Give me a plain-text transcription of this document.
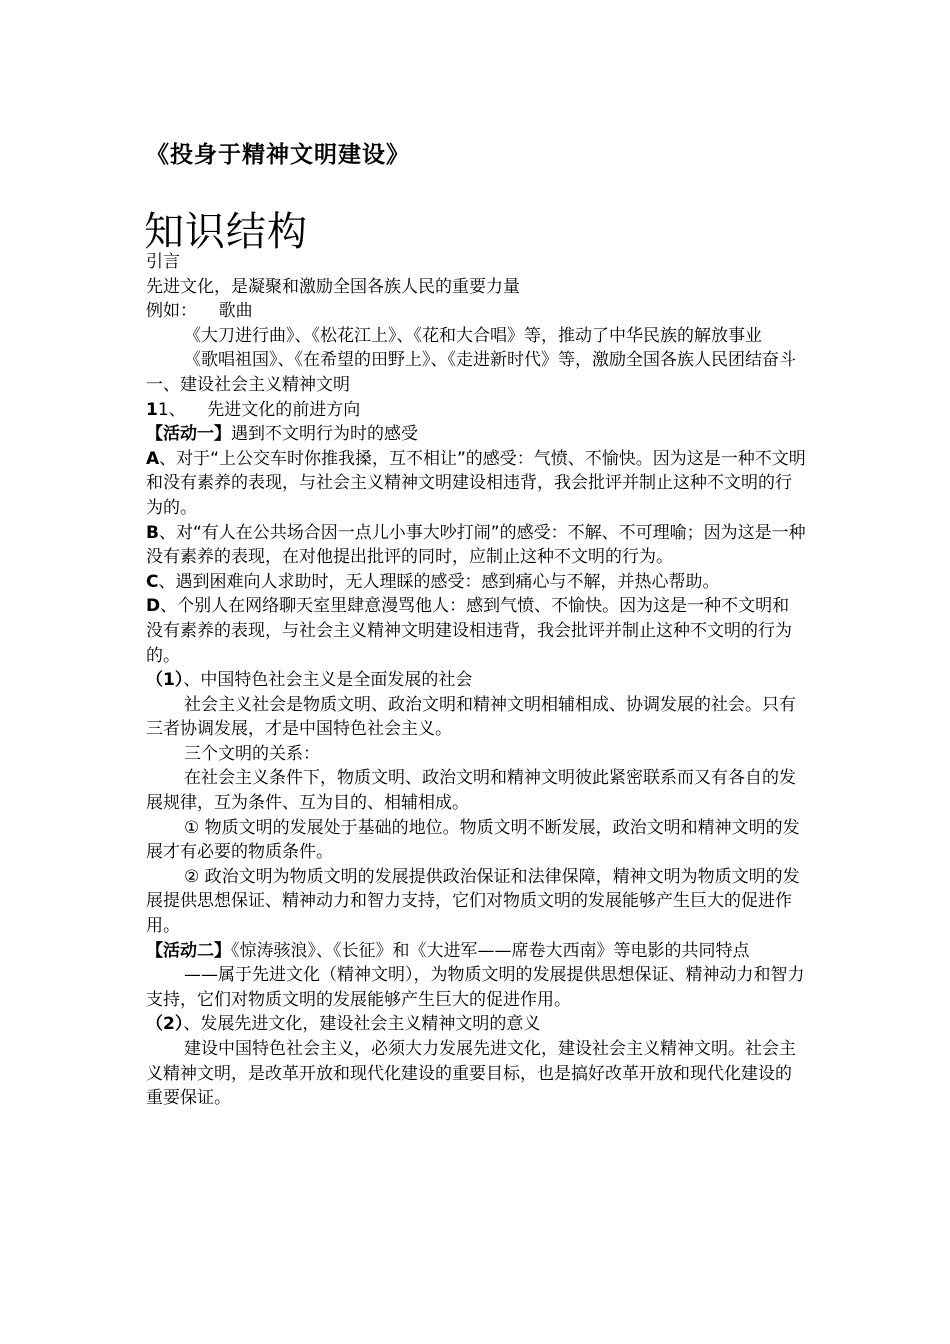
《投身于精神文明建设》
知识结构

引言

先进文化，是凝聚和激励全国各族人民的重要力量

例如：    歌曲

《大刀进行曲》、《松花江上》、《花和大合唱》等，推动了中华民族的解放事业

《歌唱祖国》、《在希望的田野上》、《走进新时代》等，激励全国各族人民团结奋斗

一、建设社会主义精神文明

11、    先进文化的前进方向

【活动一】遇到不文明行为时的感受

A、对于“上公交车时你推我搡，互不相让”的感受：气愤、不愉快。因为这是一种不文明和没有素养的表现，与社会主义精神文明建设相违背，我会批评并制止这种不文明的行为的。

B、对“有人在公共场合因一点儿小事大吵打闹”的感受：不解、不可理喻；因为这是一种  没有素养的表现，在对他提出批评的同时，应制止这种不文明的行为。

C、遇到困难向人求助时，无人理睬的感受：感到痛心与不解，并热心帮助。

D、个别人在网络聊天室里肆意漫骂他人：感到气愤、不愉快。因为这是一种不文明和没有素养的表现，与社会主义精神文明建设相违背，我会批评并制止这种不文明的行为的。

（1）、中国特色社会主义是全面发展的社会

社会主义社会是物质文明、政治文明和精神文明相辅相成、协调发展的社会。只有三者协调发展，才是中国特色社会主义。

三个文明的关系：

在社会主义条件下，物质文明、政治文明和精神文明彼此紧密联系而又有各自的发展规律，互为条件、互为目的、相辅相成。

① 物质文明的发展处于基础的地位。物质文明不断发展，政治文明和精神文明的发展才有必要的物质条件。

② 政治文明为物质文明的发展提供政治保证和法律保障，精神文明为物质文明的发展提供思想保证、精神动力和智力支持，它们对物质文明的发展能够产生巨大的促进作用。

【活动二】《惊涛骇浪》、《长征》和《大进军——席卷大西南》等电影的共同特点

——属于先进文化（精神文明），为物质文明的发展提供思想保证、精神动力和智力支持，它们对物质文明的发展能够产生巨大的促进作用。

（2）、发展先进文化，建设社会主义精神文明的意义

建设中国特色社会主义，必须大力发展先进文化，建设社会主义精神文明。社会主义精神文明，是改革开放和现代化建设的重要目标，也是搞好改革开放和现代化建设的重要保证。
